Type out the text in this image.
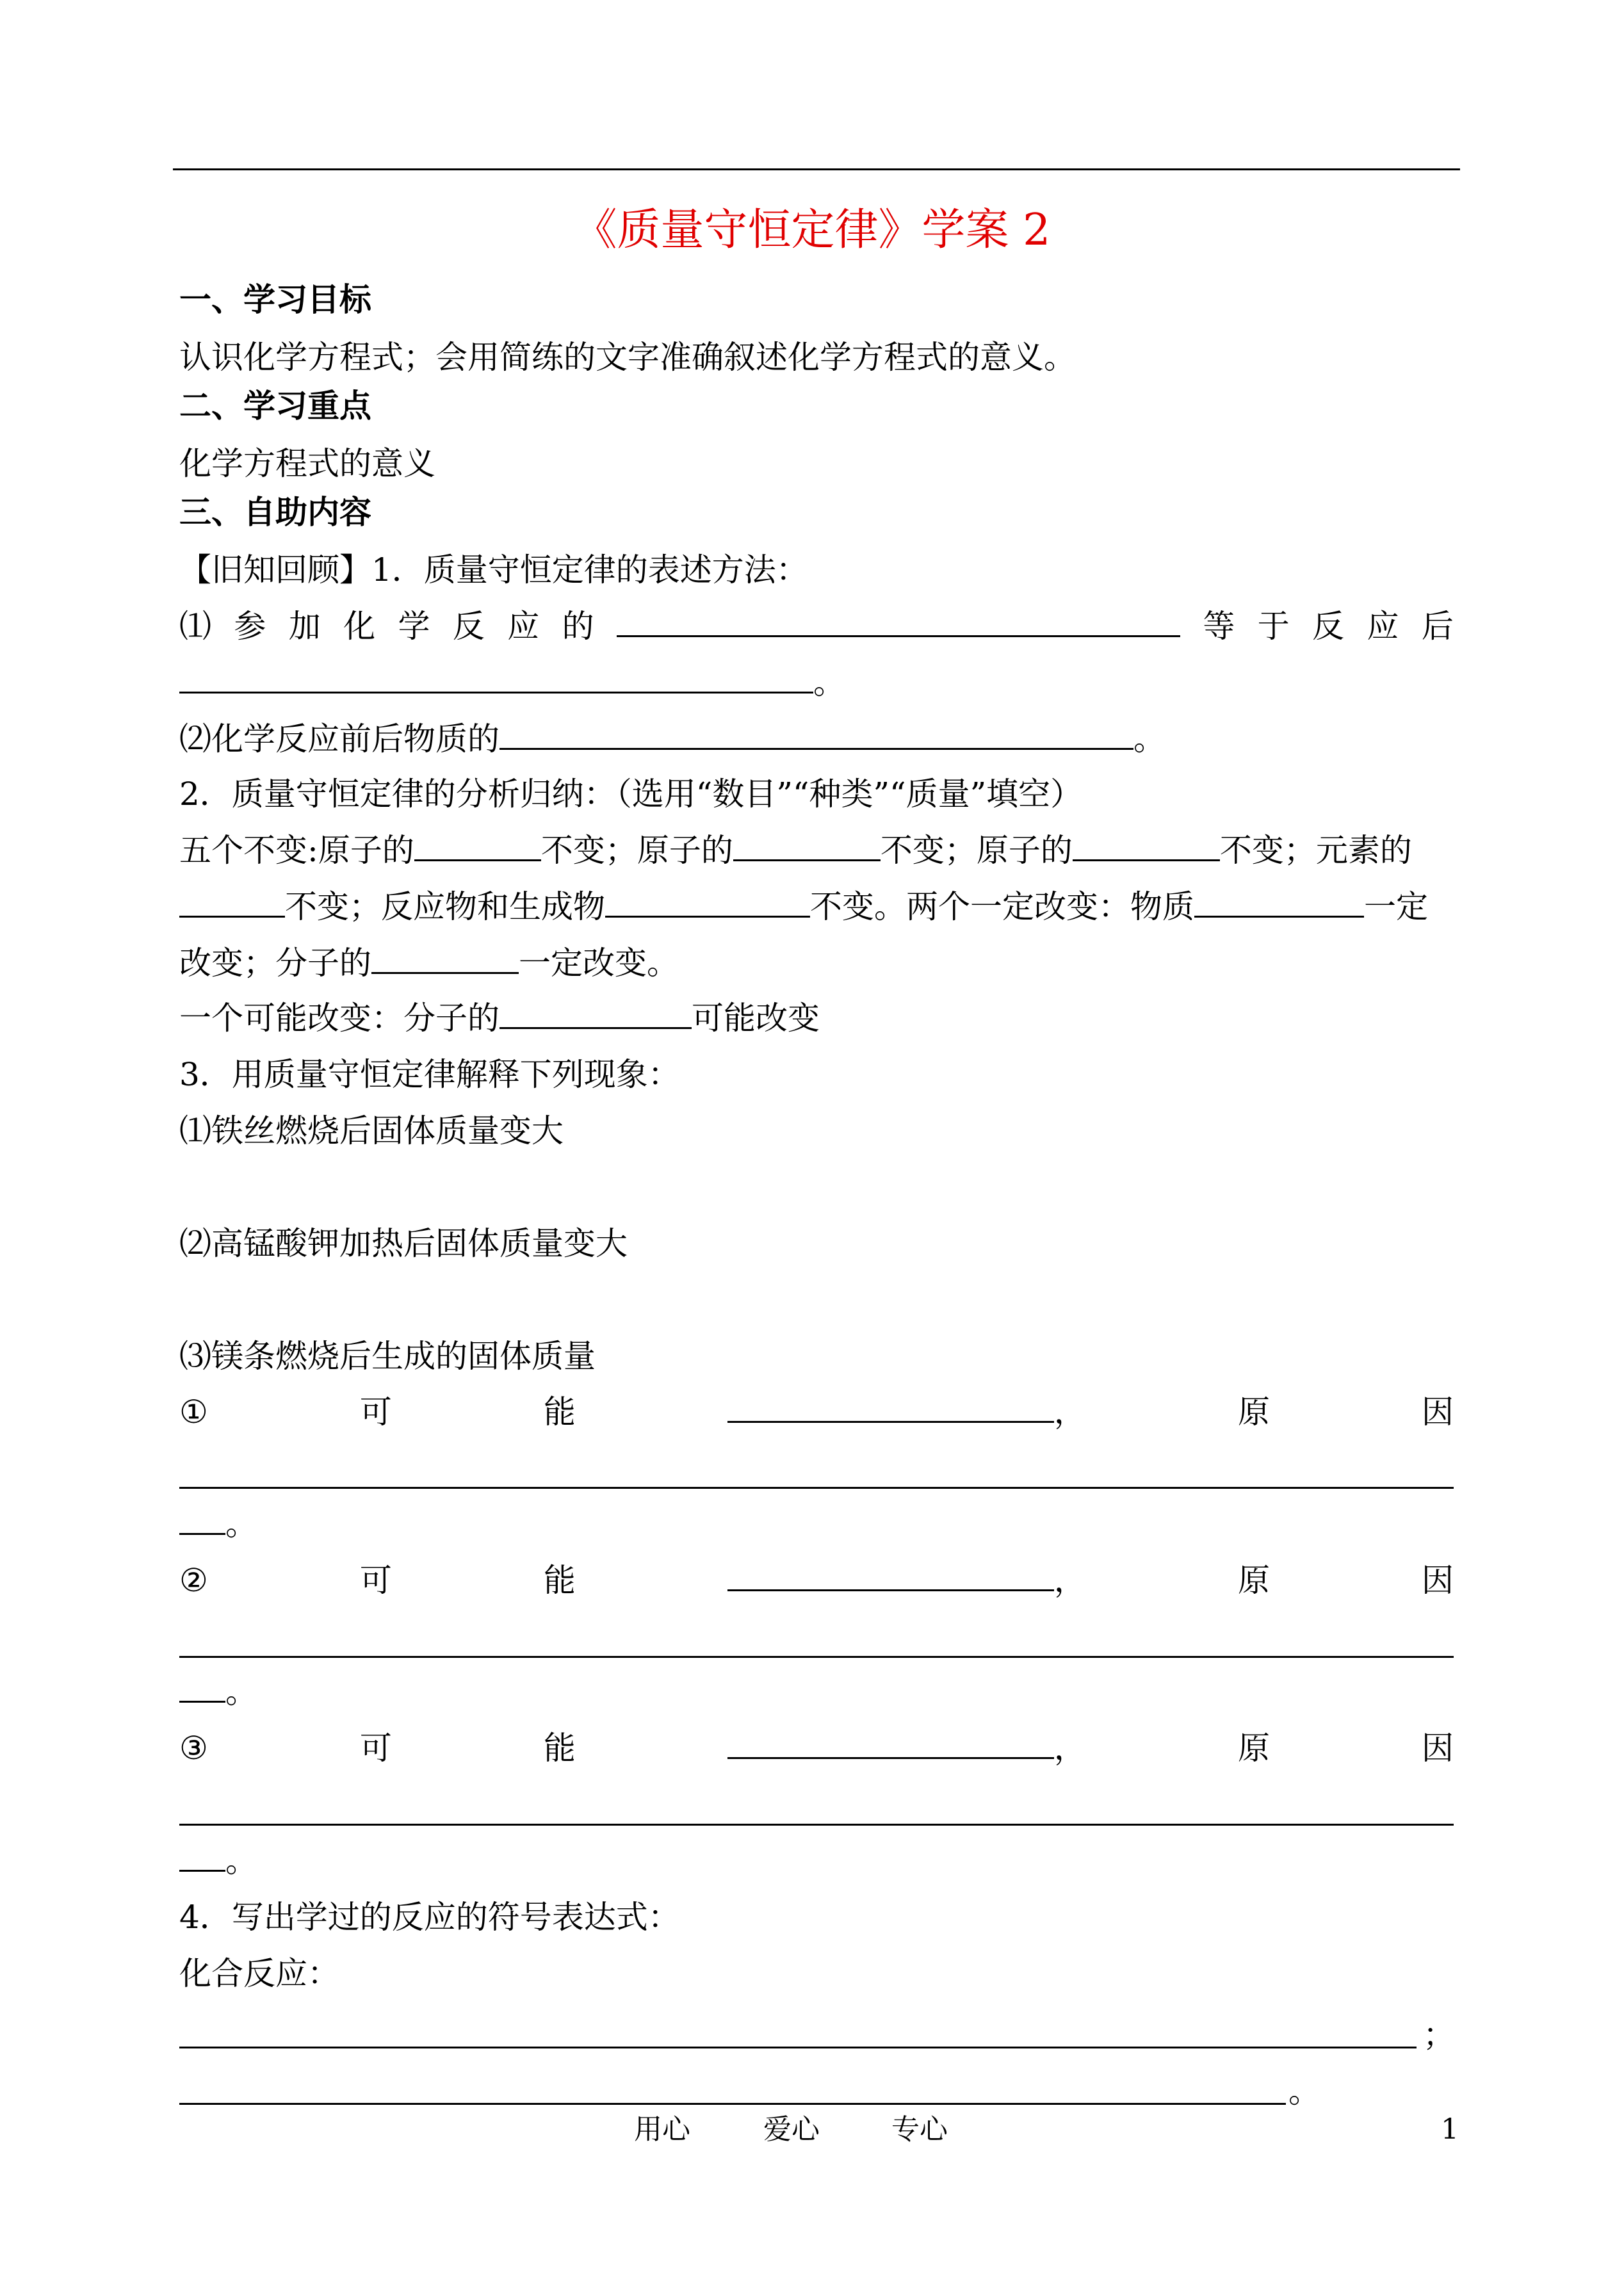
《质量守恒定律》学案 2
一、学习目标
认识化学方程式；会用简练的文字准确叙述化学方程式的意义。
二、学习重点
化学方程式的意义
三、自助内容
【旧知回顾】1．质量守恒定律的表述方法：
⑴ 参 加 化 学 反 应 的	等 于 反 应 后
。
⑵化学反应前后物质的	。
2．质量守恒定律的分析归纳：（选用“数目”“种类”“质量”填空）
五个不变:原子的	不变；原子的	不变；原子的	不变；元素的
不变；反应物和生成物	不变。两个一定改变：物质	一定
改变；分子的	一定改变。
一个可能改变：分子的	可能改变
3．用质量守恒定律解释下列现象：
⑴铁丝燃烧后固体质量变大
⑵高锰酸钾加热后固体质量变大
⑶镁条燃烧后生成的固体质量
①	可	能	，	原	因
。
②	可	能	，	原	因
。
③	可	能	，	原	因
。
4．写出学过的反应的符号表达式：
化合反应：
；
。
用心	爱心	专心	1
